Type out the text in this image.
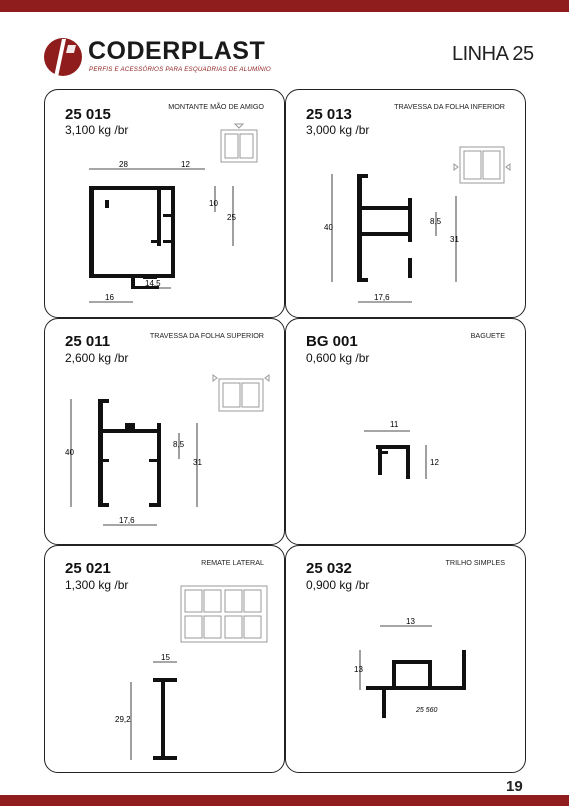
CODERPLAST
PERFIS E ACESSÓRIOS PARA ESQUADRIAS DE ALUMÍNIO
LINHA 25
25 015
3,100 kg /br
MONTANTE MÃO DE AMIGO
28	12
10
25
16
14,5
25 013
3,000 kg /br
TRAVESSA DA FOLHA INFERIOR
40
8,5
31
17,6
25 011
2,600 kg /br
TRAVESSA DA FOLHA SUPERIOR
40
8,5
31
17,6
BG 001
0,600 kg /br
BAGUETE
11
12
25 021
1,300 kg /br
REMATE LATERAL
15
29,2
25 032
0,900 kg /br
TRILHO SIMPLES
13
13
25 560
19
